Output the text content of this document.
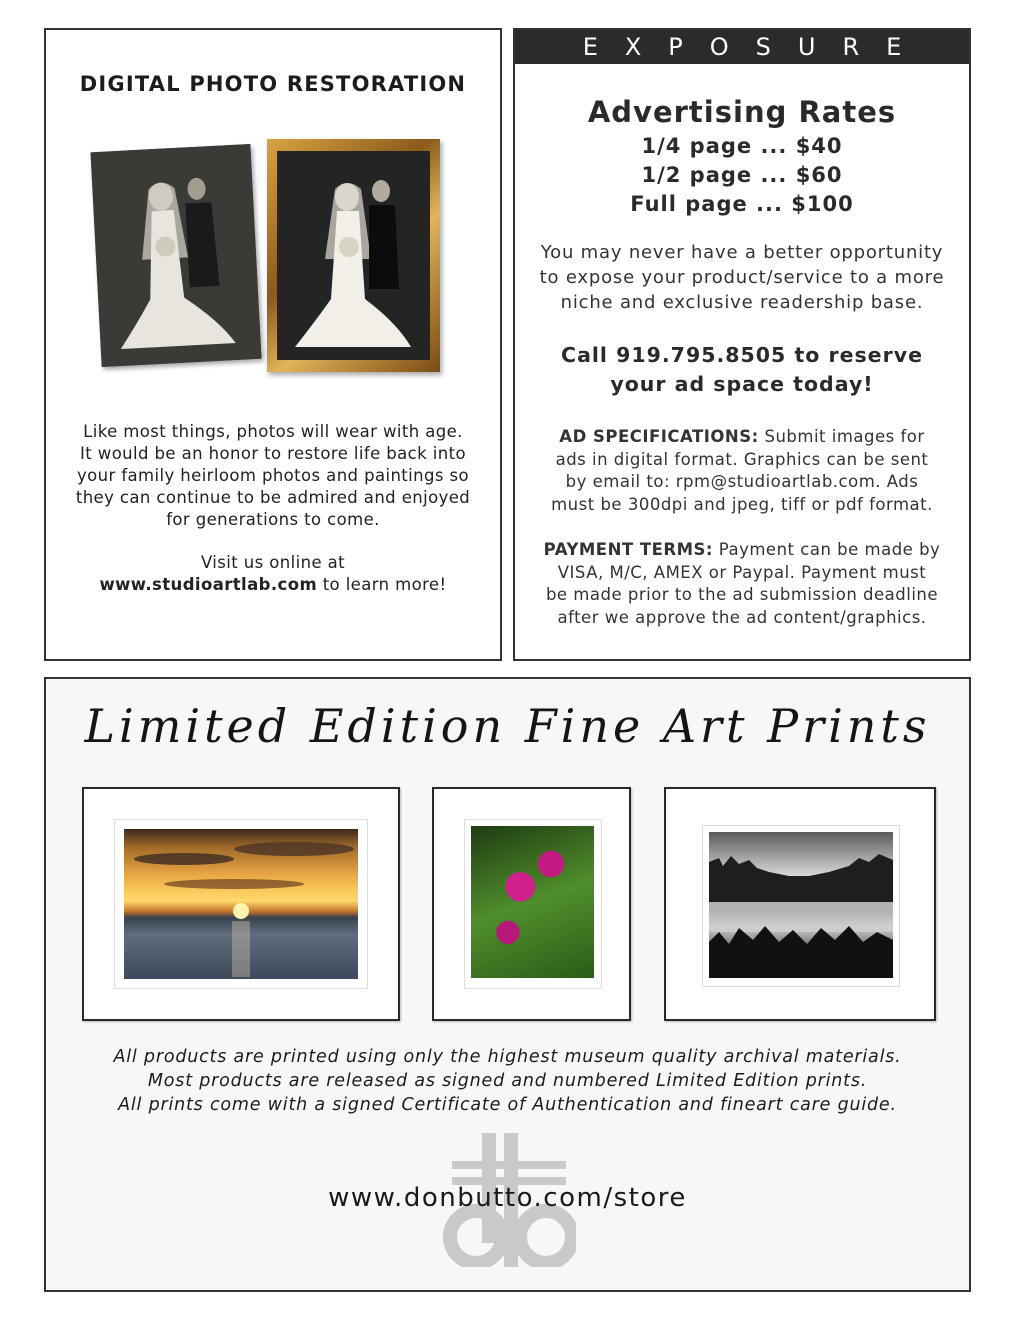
DIGITAL PHOTO RESTORATION
Like most things, photos will wear with age.
It would be an honor to restore life back into
your family heirloom photos and paintings so
they can continue to be admired and enjoyed
for generations to come.
Visit us online at
www.studioartlab.com to learn more!
EXPOSURE
Advertising Rates
1/4 page ... $40
1/2 page ... $60
Full page ... $100
You may never have a better opportunity
to expose your product/service to a more
niche and exclusive readership base.
Call 919.795.8505 to reserve
your ad space today!
AD SPECIFICATIONS: Submit images for
ads in digital format. Graphics can be sent
by email to: rpm@studioartlab.com. Ads
must be 300dpi and jpeg, tiff or pdf format.
PAYMENT TERMS: Payment can be made by
VISA, M/C, AMEX or Paypal. Payment must
be made prior to the ad submission deadline
after we approve the ad content/graphics.
Limited Edition Fine Art Prints
All products are printed using only the highest museum quality archival materials.
Most products are released as signed and numbered Limited Edition prints.
All prints come with a signed Certificate of Authentication and fineart care guide.
www.donbutto.com/store
